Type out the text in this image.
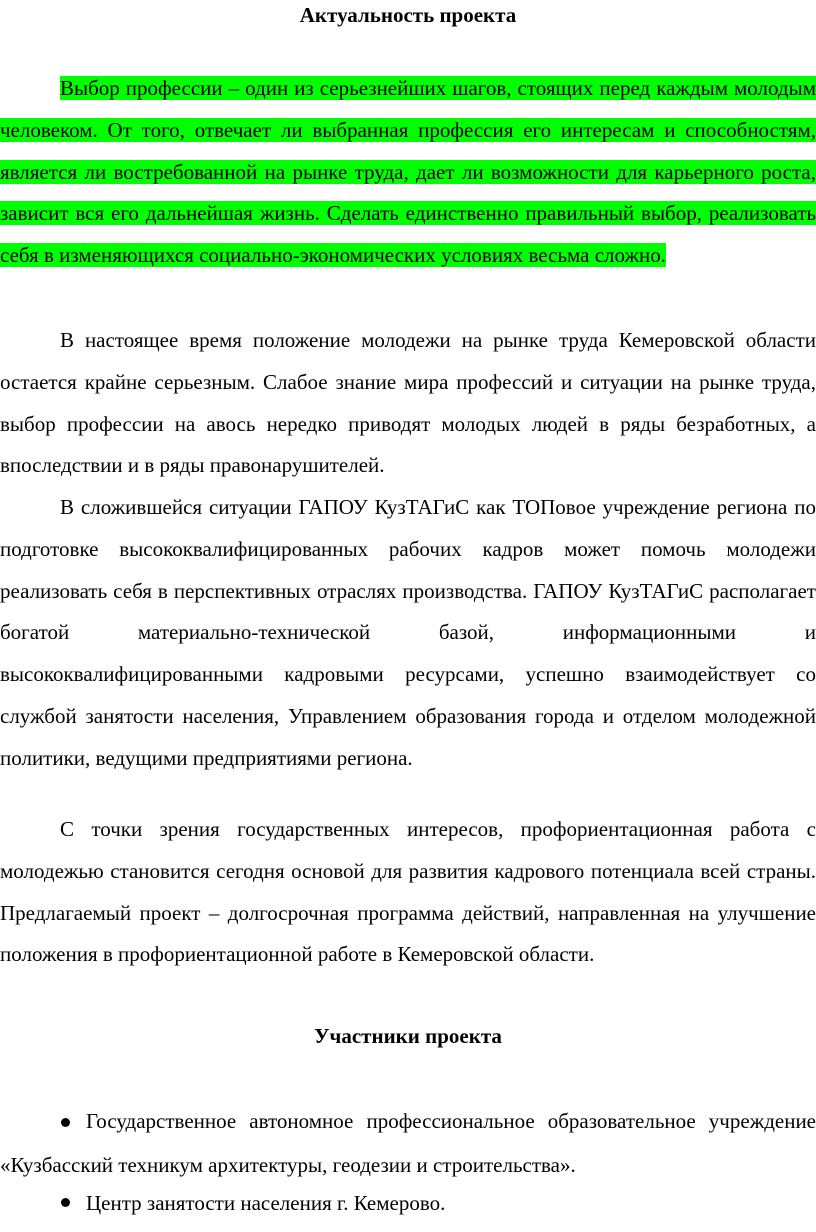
Актуальность проекта

Выбор профессии – один из серьезнейших шагов, стоящих перед каждым молодым человеком. От того, отвечает ли выбранная профессия его интересам и способностям, является ли востребованной на рынке труда, дает ли возможности для карьерного роста, зависит вся его дальнейшая жизнь. Сделать единственно правильный выбор, реализовать себя в изменяющихся социально-экономических условиях весьма сложно.

В настоящее время положение молодежи на рынке труда Кемеровской области остается крайне серьезным. Слабое знание мира профессий и ситуации на рынке труда, выбор профессии на авось нередко приводят молодых людей в ряды безработных, а впоследствии и в ряды правонарушителей.

В сложившейся ситуации ГАПОУ КузТАГиС как ТОПовое учреждение региона по подготовке высококвалифицированных рабочих кадров может помочь молодежи реализовать себя в перспективных отраслях производства. ГАПОУ КузТАГиС располагает богатой материально-технической базой, информационными и высококвалифицированными кадровыми ресурсами, успешно взаимодействует со службой занятости населения, Управлением образования города и отделом молодежной политики, ведущими предприятиями региона.

С точки зрения государственных интересов, профориентационная работа с молодежью становится сегодня основой для развития кадрового потенциала всей страны. Предлагаемый проект – долгосрочная программа действий, направленная на улучшение положения в профориентационной работе в Кемеровской области.

Участники проекта

Государственное автономное профессиональное образовательное учреждение «Кузбасский техникум архитектуры, геодезии и строительства».

Центр занятости населения г. Кемерово.
